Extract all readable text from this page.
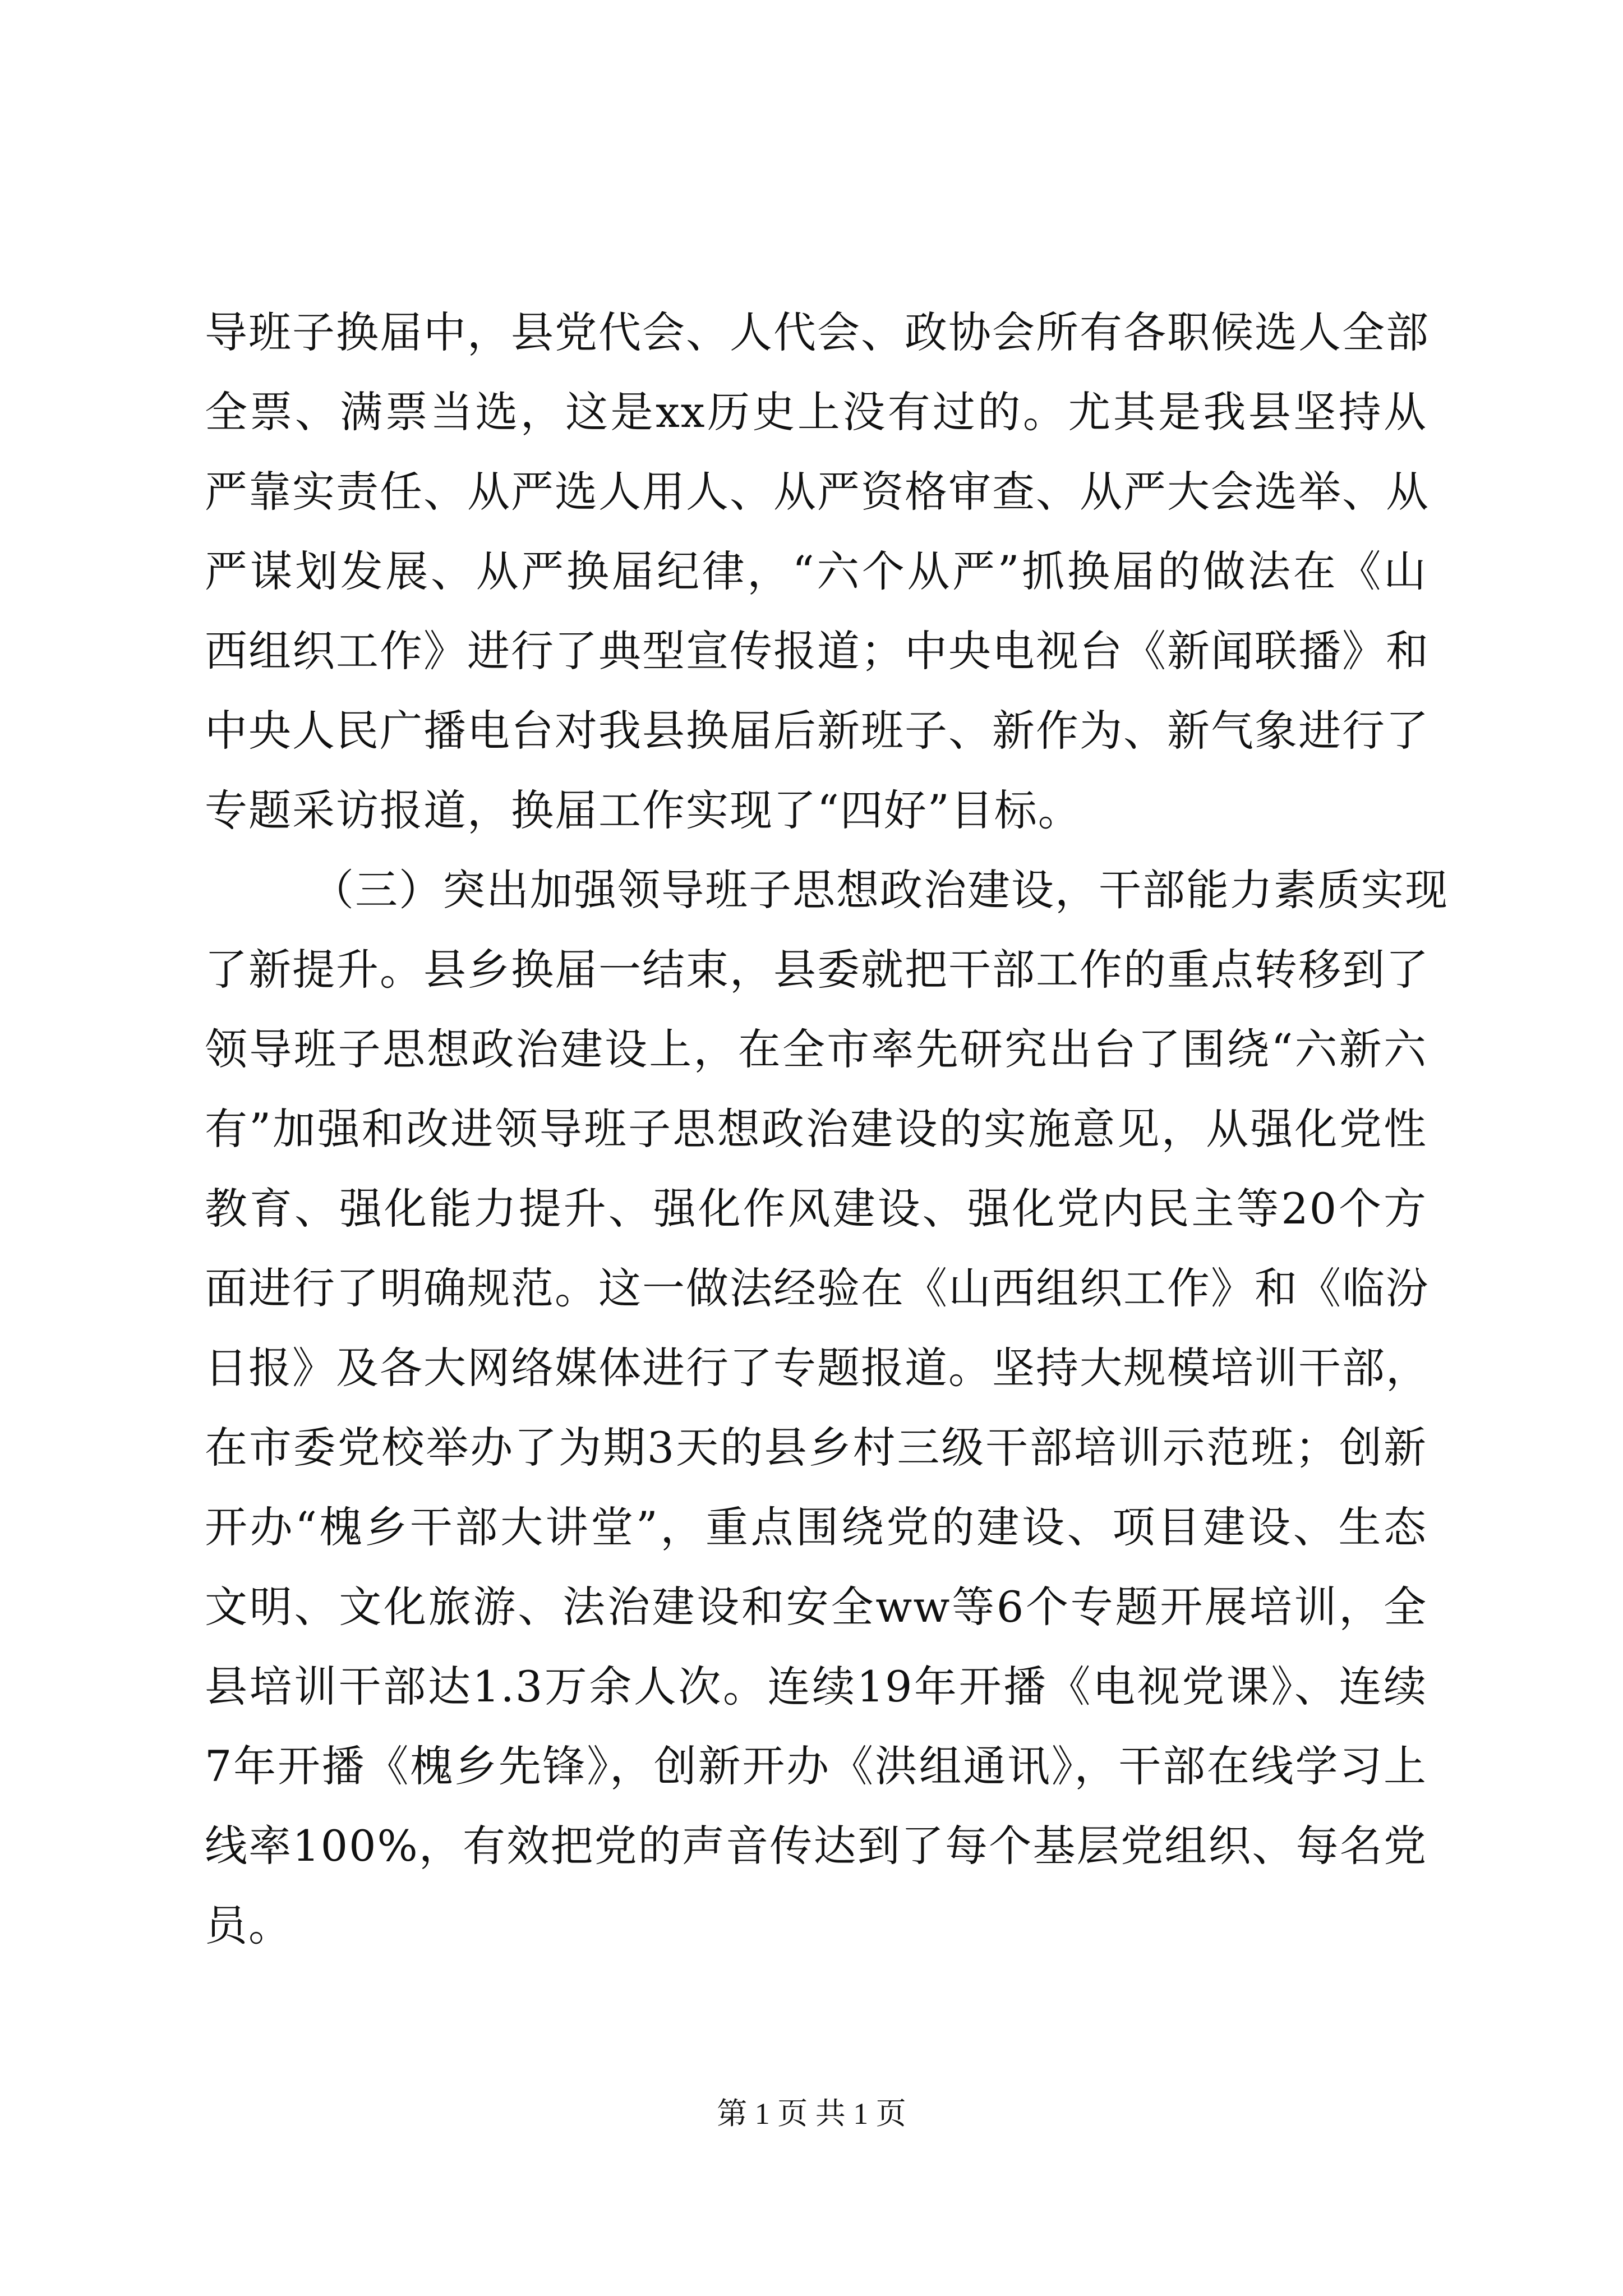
导班子换届中，县党代会、人代会、政协会所有各职候选人全部
全票、满票当选，这是xx历史上没有过的。尤其是我县坚持从
严靠实责任、从严选人用人、从严资格审查、从严大会选举、从
严谋划发展、从严换届纪律，“六个从严”抓换届的做法在《山
西组织工作》进行了典型宣传报道；中央电视台《新闻联播》和
中央人民广播电台对我县换届后新班子、新作为、新气象进行了
专题采访报道，换届工作实现了“四好”目标。
（三）突出加强领导班子思想政治建设，干部能力素质实现
了新提升。县乡换届一结束，县委就把干部工作的重点转移到了
领导班子思想政治建设上，在全市率先研究出台了围绕“六新六
有”加强和改进领导班子思想政治建设的实施意见，从强化党性
教育、强化能力提升、强化作风建设、强化党内民主等20个方
面进行了明确规范。这一做法经验在《山西组织工作》和《临汾
日报》及各大网络媒体进行了专题报道。坚持大规模培训干部，
在市委党校举办了为期3天的县乡村三级干部培训示范班；创新
开办“槐乡干部大讲堂”，重点围绕党的建设、项目建设、生态
文明、文化旅游、法治建设和安全ww等6个专题开展培训，全
县培训干部达1.3万余人次。连续19年开播《电视党课》、连续
7年开播《槐乡先锋》，创新开办《洪组通讯》，干部在线学习上
线率100%，有效把党的声音传达到了每个基层党组织、每名党
员。
第 1 页 共 1 页
